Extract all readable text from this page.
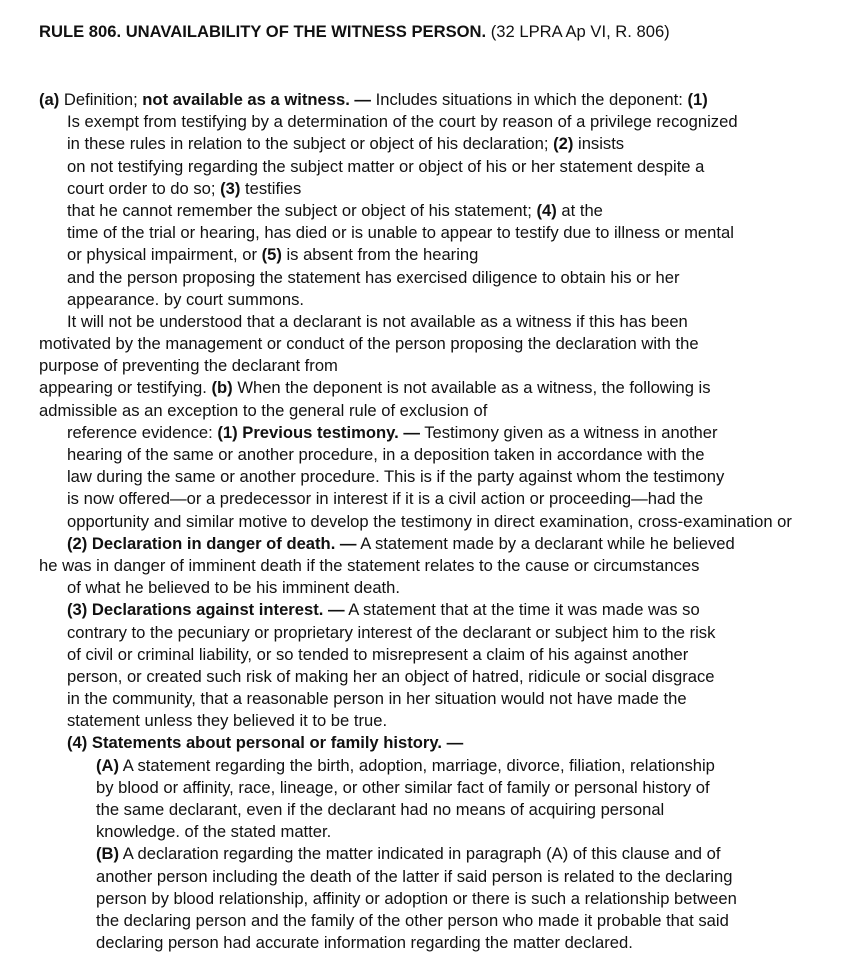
RULE 806. UNAVAILABILITY OF THE WITNESS PERSON. (32 LPRA Ap VI, R. 806)
(a) Definition; not available as a witness. — Includes situations in which the deponent: (1)
Is exempt from testifying by a determination of the court by reason of a privilege recognized
in these rules in relation to the subject or object of his declaration; (2) insists
on not testifying regarding the subject matter or object of his or her statement despite a
court order to do so; (3) testifies
that he cannot remember the subject or object of his statement; (4) at the
time of the trial or hearing, has died or is unable to appear to testify due to illness or mental
or physical impairment, or (5) is absent from the hearing
and the person proposing the statement has exercised diligence to obtain his or her
appearance. by court summons.
It will not be understood that a declarant is not available as a witness if this has been
motivated by the management or conduct of the person proposing the declaration with the
purpose of preventing the declarant from
appearing or testifying. (b) When the deponent is not available as a witness, the following is
admissible as an exception to the general rule of exclusion of
reference evidence: (1) Previous testimony. — Testimony given as a witness in another
hearing of the same or another procedure, in a deposition taken in accordance with the
law during the same or another procedure. This is if the party against whom the testimony
is now offered—or a predecessor in interest if it is a civil action or proceeding—had the
opportunity and similar motive to develop the testimony in direct examination, cross-examination or
(2) Declaration in danger of death. — A statement made by a declarant while he believed
he was in danger of imminent death if the statement relates to the cause or circumstances
of what he believed to be his imminent death.
(3) Declarations against interest. — A statement that at the time it was made was so
contrary to the pecuniary or proprietary interest of the declarant or subject him to the risk
of civil or criminal liability, or so tended to misrepresent a claim of his against another
person, or created such risk of making her an object of hatred, ridicule or social disgrace
in the community, that a reasonable person in her situation would not have made the
statement unless they believed it to be true.
(4) Statements about personal or family history. —
(A) A statement regarding the birth, adoption, marriage, divorce, filiation, relationship
by blood or affinity, race, lineage, or other similar fact of family or personal history of
the same declarant, even if the declarant had no means of acquiring personal
knowledge. of the stated matter.
(B) A declaration regarding the matter indicated in paragraph (A) of this clause and of
another person including the death of the latter if said person is related to the declaring
person by blood relationship, affinity or adoption or there is such a relationship between
the declaring person and the family of the other person who made it probable that said
declaring person had accurate information regarding the matter declared.
